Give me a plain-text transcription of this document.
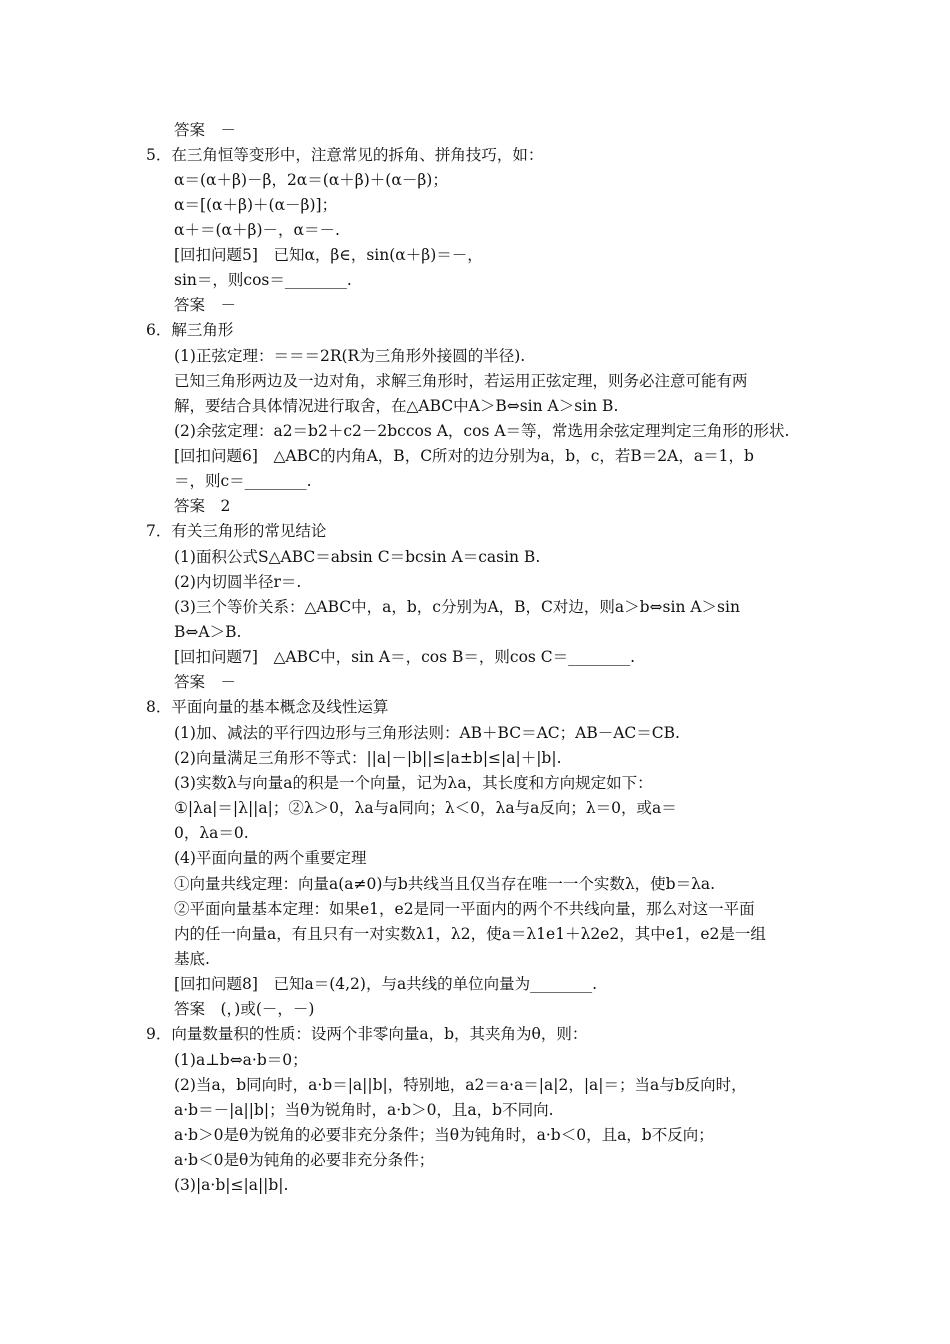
答案　－
5．在三角恒等变形中，注意常见的拆角、拼角技巧，如：
α＝(α＋β)－β，2α＝(α＋β)＋(α－β)；
α＝[(α＋β)＋(α－β)]；
α＋＝(α＋β)－，α＝－.
[回扣问题5]　已知α，β∈，sin(α＋β)＝－，
sin＝，则cos＝________.
答案　－
6．解三角形
(1)正弦定理：＝＝＝2R(R为三角形外接圆的半径).
已知三角形两边及一边对角，求解三角形时，若运用正弦定理，则务必注意可能有两
解，要结合具体情况进行取舍，在△ABC中A＞B⇔sin A＞sin B.
(2)余弦定理：a2＝b2＋c2－2bccos A，cos A＝等，常选用余弦定理判定三角形的形状.
[回扣问题6]　△ABC的内角A，B，C所对的边分别为a，b，c，若B＝2A，a＝1，b
＝，则c＝________.
答案　2
7．有关三角形的常见结论
(1)面积公式S△ABC＝absin C＝bcsin A＝casin B.
(2)内切圆半径r＝.
(3)三个等价关系：△ABC中，a，b，c分别为A，B，C对边，则a＞b⇔sin A＞sin
B⇔A＞B.
[回扣问题7]　△ABC中，sin A＝，cos B＝，则cos C＝________.
答案　－
8．平面向量的基本概念及线性运算
(1)加、减法的平行四边形与三角形法则：AB＋BC＝AC；AB－AC＝CB.
(2)向量满足三角形不等式：||a|－|b||≤|a±b|≤|a|＋|b|.
(3)实数λ与向量a的积是一个向量，记为λa，其长度和方向规定如下：
①|λa|＝|λ||a|；②λ＞0，λa与a同向；λ＜0，λa与a反向；λ＝0，或a＝
0，λa＝0.
(4)平面向量的两个重要定理
①向量共线定理：向量a(a≠0)与b共线当且仅当存在唯一一个实数λ，使b＝λa.
②平面向量基本定理：如果e1，e2是同一平面内的两个不共线向量，那么对这一平面
内的任一向量a，有且只有一对实数λ1，λ2，使a＝λ1e1＋λ2e2，其中e1，e2是一组
基底.
[回扣问题8]　已知a＝(4,2)，与a共线的单位向量为________.
答案　(，)或(－，－)
9．向量数量积的性质：设两个非零向量a，b，其夹角为θ，则：
(1)a⊥b⇔a·b＝0；
(2)当a，b同向时，a·b＝|a||b|，特别地，a2＝a·a＝|a|2，|a|＝；当a与b反向时，
a·b＝－|a||b|；当θ为锐角时，a·b＞0，且a，b不同向.
a·b＞0是θ为锐角的必要非充分条件；当θ为钝角时，a·b＜0，且a，b不反向；
a·b＜0是θ为钝角的必要非充分条件；
(3)|a·b|≤|a||b|.
